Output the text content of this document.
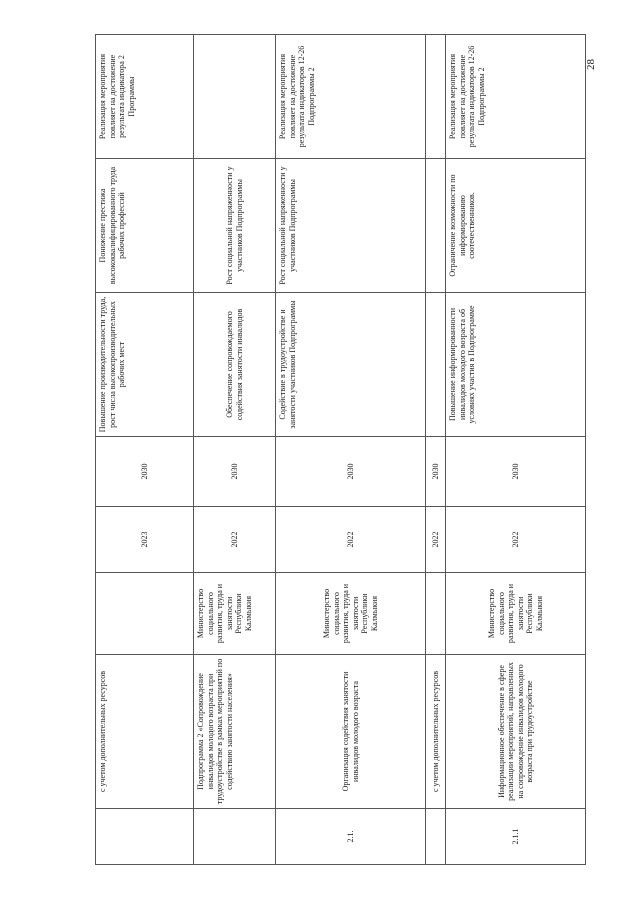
	с учетом дополнительных ресурсов		2023	2030	Повышение производительности труда, рост числа высокопроизводительных рабочих мест	Понижение престижа высококвалифицированного труда рабочих профессий	Реализация мероприятия повлияет на достижение результата индикатора 2 Программы
	Подпрограмма 2 «Сопровождение инвалидов молодого возраста при трудоустройстве в рамках мероприятий по содействию занятости населения»	Министерство социального развития, труда и занятости Республики Калмыкия	2022	2030	Обеспечение сопровождаемого содействия занятости инвалидов	Рост социальной напряженности у участников Подпрограммы	
2.1.	Организация содействия занятости инвалидов молодого возраста	Министерство социального развития, труда и занятости Республики Калмыкия	2022	2030	Содействие в трудоустройстве и занятости участников Подпрограммы	Рост социальной напряженности у участников Подпрограммы	Реализация мероприятия повлияет на достижение результата индикаторов 12-26 Подпрограммы 2
	с учетом дополнительных ресурсов		2022	2030			
2.1.1	Информационное обеспечение в сфере реализации мероприятий, направленных на сопровождение инвалидов молодого возраста при трудоустройстве	Министерство социального развития, труда и занятости Республики Калмыкия	2022	2030	Повышение информированности инвалидов молодого возраста об условиях участия в Подпрограмме	Ограничение возможности по информированию соотечественников.	Реализация мероприятия повлияет на достижение результата индикаторов 12-26 Подпрограммы 2
28
